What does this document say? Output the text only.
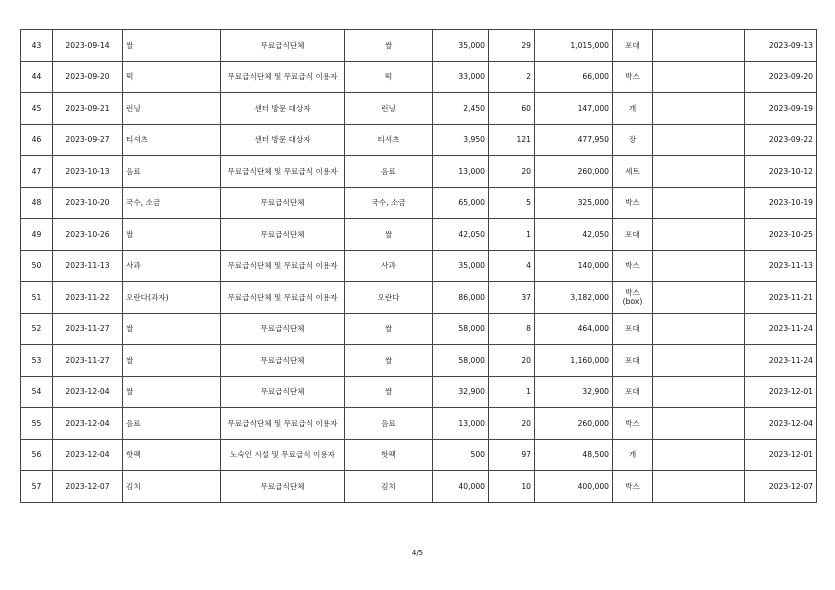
43	2023-09-14	쌀	무료급식단체	쌀	35,000	29	1,015,000	포대		2023-09-13
44	2023-09-20	떡	무료급식단체 및 무료급식 이용자	떡	33,000	2	66,000	박스		2023-09-20
45	2023-09-21	런닝	센터 방문 대상자	런닝	2,450	60	147,000	개		2023-09-19
46	2023-09-27	티셔츠	센터 방문 대상자	티셔츠	3,950	121	477,950	장		2023-09-22
47	2023-10-13	음료	무료급식단체 및 무료급식 이용자	음료	13,000	20	260,000	세트		2023-10-12
48	2023-10-20	국수, 소금	무료급식단체	국수, 소금	65,000	5	325,000	박스		2023-10-19
49	2023-10-26	쌀	무료급식단체	쌀	42,050	1	42,050	포대		2023-10-25
50	2023-11-13	사과	무료급식단체 및 무료급식 이용자	사과	35,000	4	140,000	박스		2023-11-13
51	2023-11-22	오란다(과자)	무료급식단체 및 무료급식 이용자	오란다	86,000	37	3,182,000	박스(box)		2023-11-21
52	2023-11-27	쌀	무료급식단체	쌀	58,000	8	464,000	포대		2023-11-24
53	2023-11-27	쌀	무료급식단체	쌀	58,000	20	1,160,000	포대		2023-11-24
54	2023-12-04	쌀	무료급식단체	쌀	32,900	1	32,900	포대		2023-12-01
55	2023-12-04	음료	무료급식단체 및 무료급식 이용자	음료	13,000	20	260,000	박스		2023-12-04
56	2023-12-04	핫팩	노숙인 시설 및 무료급식 이용자	핫팩	500	97	48,500	개		2023-12-01
57	2023-12-07	김치	무료급식단체	김치	40,000	10	400,000	박스		2023-12-07
4/5
